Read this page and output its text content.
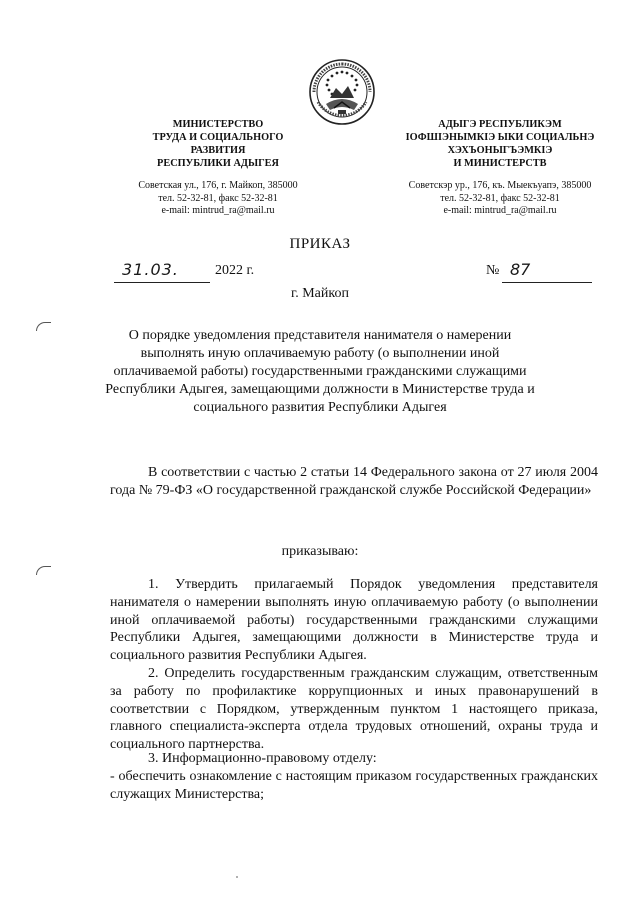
МИНИСТЕРСТВО
ТРУДА И СОЦИАЛЬНОГО
РАЗВИТИЯ
РЕСПУБЛИКИ АДЫГЕЯ
АДЫГЭ РЕСПУБЛИКЭМ
IОФШIЭНЫМКIЭ ЫКИ СОЦИАЛЬНЭ
ХЭХЪОНЫГЪЭМКIЭ
И МИНИСТЕРСТВ
Советская ул., 176, г. Майкоп, 385000
тел. 52-32-81, факс 52-32-81
e-mail: mintrud_ra@mail.ru
Советскэр ур., 176, къ. Мыекъуапэ, 385000
тел. 52-32-81, факс 52-32-81
e-mail: mintrud_ra@mail.ru
ПРИКАЗ
31.03.	2022 г.	№ 87
г. Майкоп
О порядке уведомления представителя нанимателя о намерении выполнять иную оплачиваемую работу (о выполнении иной оплачиваемой работы) государственными гражданскими служащими Республики Адыгея, замещающими должности в Министерстве труда и социального развития Республики Адыгея
В соответствии с частью 2 статьи 14 Федерального закона от 27 июля 2004 года № 79-ФЗ «О государственной гражданской службе Российской Федерации»
приказываю:
1. Утвердить прилагаемый Порядок уведомления представителя нанимателя о намерении выполнять иную оплачиваемую работу (о выполнении иной оплачиваемой работы) государственными гражданскими служащими Республики Адыгея, замещающими должности в Министерстве труда и социального развития Республики Адыгея.
2. Определить государственным гражданским служащим, ответственным за работу по профилактике коррупционных и иных правонарушений в соответствии с Порядком, утвержденным пунктом 1 настоящего приказа, главного специалиста-эксперта отдела трудовых отношений, охраны труда и социального партнерства.
3. Информационно-правовому отделу:
- обеспечить ознакомление с настоящим приказом государственных гражданских служащих Министерства;
